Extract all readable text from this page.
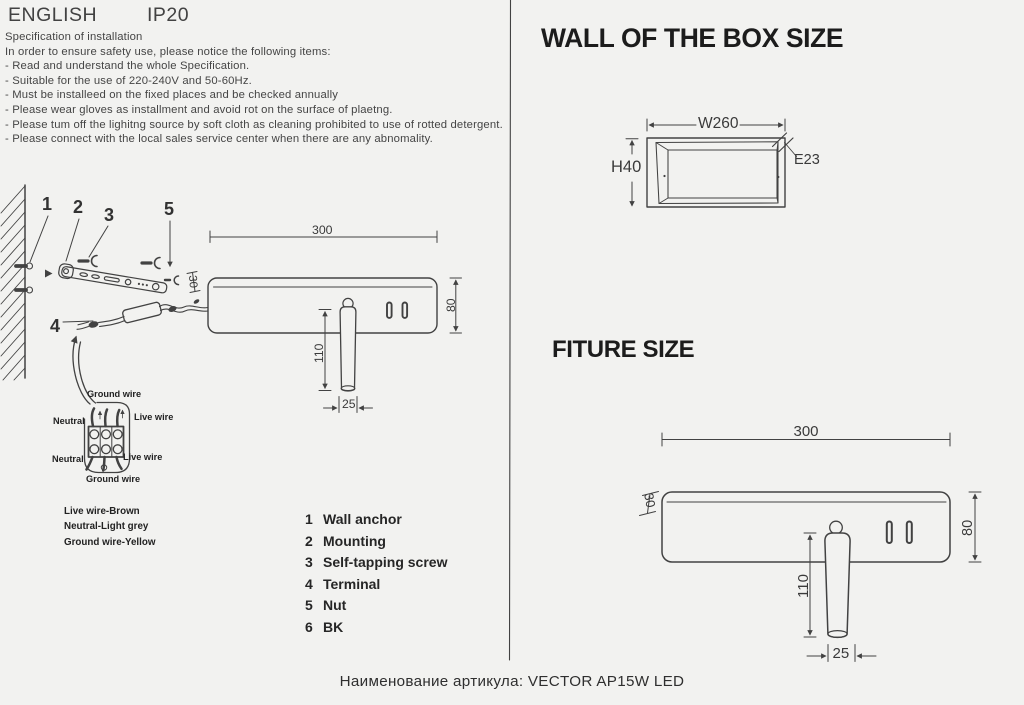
ENGLISH	IP20
Specification of installation
In order to ensure safety use, please notice the following items:
- Read and understand the whole Specification.
- Suitable for the use of 220-240V and 50-60Hz.
- Must be installeed on the fixed places and be checked annually
- Please wear gloves as installment and avoid rot on the surface of plaetng.
- Please tum off the lighitng source by soft cloth as cleaning prohibited to use of rotted detergent.
- Please connect with the local sales service center when there are any abnomality.
1 2 3	5
4
300
30
80
110
25
Ground wire
Neutral	Live wire
Neutral	Live wire
Ground wire
Live wire-Brown
Neutral-Light grey
Ground wire-Yellow
1 Wall anchor
2 Mounting
3 Self-tapping screw
4 Terminal
5 Nut
6 BK
WALL OF THE BOX SIZE
W260
H40	E23
FITURE SIZE
300
30
80
110
25
Наименование артикула: VECTOR AP15W LED
